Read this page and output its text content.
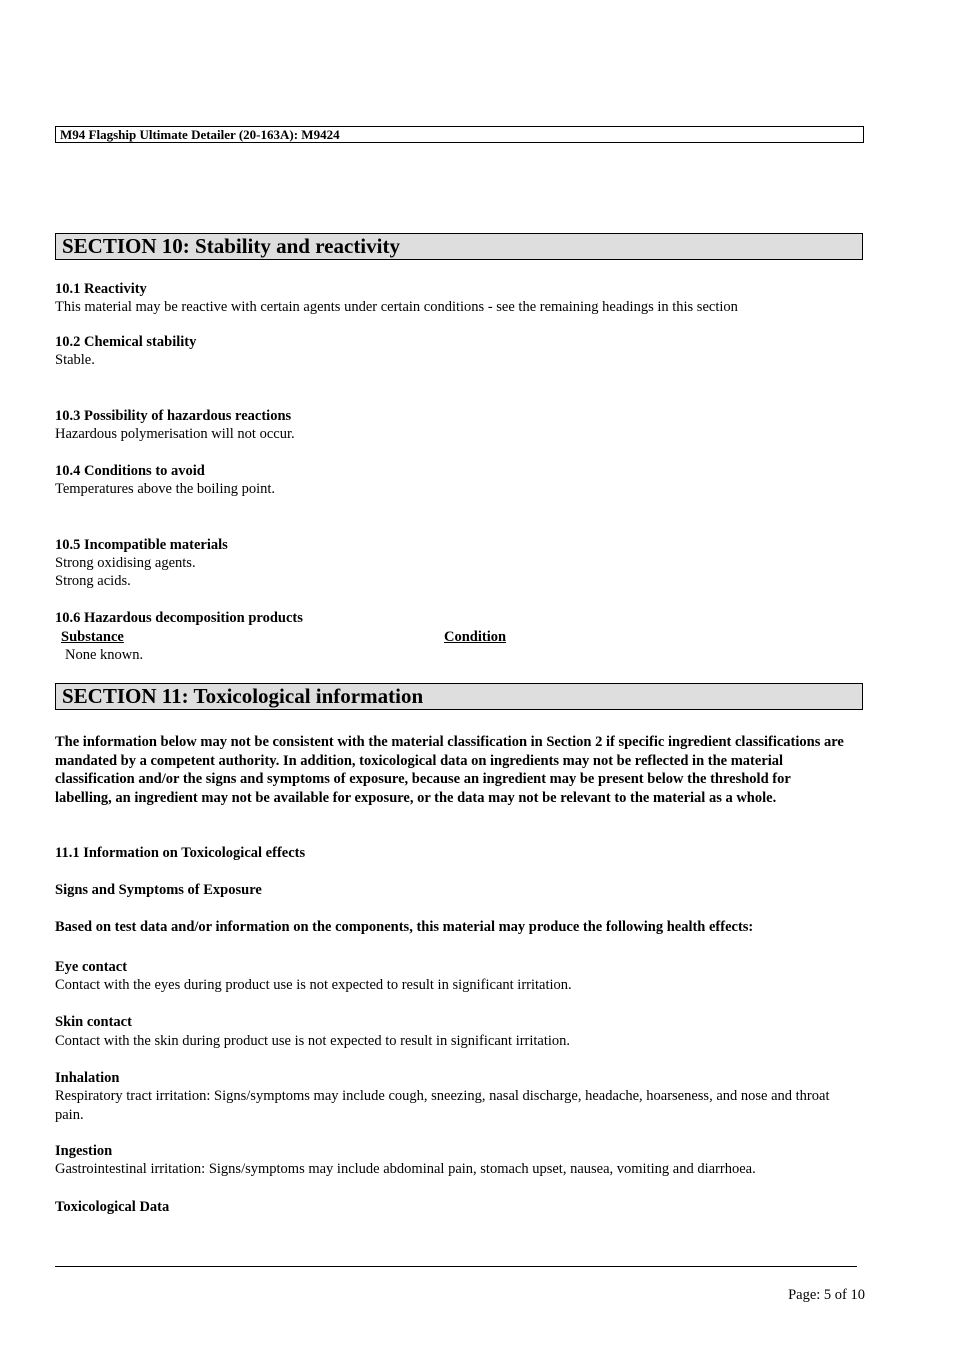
M94 Flagship Ultimate Detailer (20-163A): M9424
SECTION 10: Stability and reactivity
10.1 Reactivity
This material may be reactive with certain agents under certain conditions - see the remaining headings in this section
10.2 Chemical stability
Stable.
10.3 Possibility of hazardous reactions
Hazardous polymerisation will not occur.
10.4 Conditions to avoid
Temperatures above the boiling point.
10.5 Incompatible materials
Strong oxidising agents.
Strong acids.
10.6 Hazardous decomposition products
Substance	Condition
None known.
SECTION 11: Toxicological information
The information below may not be consistent with the material classification in Section 2 if specific ingredient classifications are mandated by a competent authority. In addition, toxicological data on ingredients may not be reflected in the material classification and/or the signs and symptoms of exposure, because an ingredient may be present below the threshold for labelling, an ingredient may not be available for exposure, or the data may not be relevant to the material as a whole.
11.1 Information on Toxicological effects
Signs and Symptoms of Exposure
Based on test data and/or information on the components, this material may produce the following health effects:
Eye contact
Contact with the eyes during product use is not expected to result in significant irritation.
Skin contact
Contact with the skin during product use is not expected to result in significant irritation.
Inhalation
Respiratory tract irritation: Signs/symptoms may include cough, sneezing, nasal discharge, headache, hoarseness, and nose and throat pain.
Ingestion
Gastrointestinal irritation: Signs/symptoms may include abdominal pain, stomach upset, nausea, vomiting and diarrhoea.
Toxicological Data
Page: 5 of 10
